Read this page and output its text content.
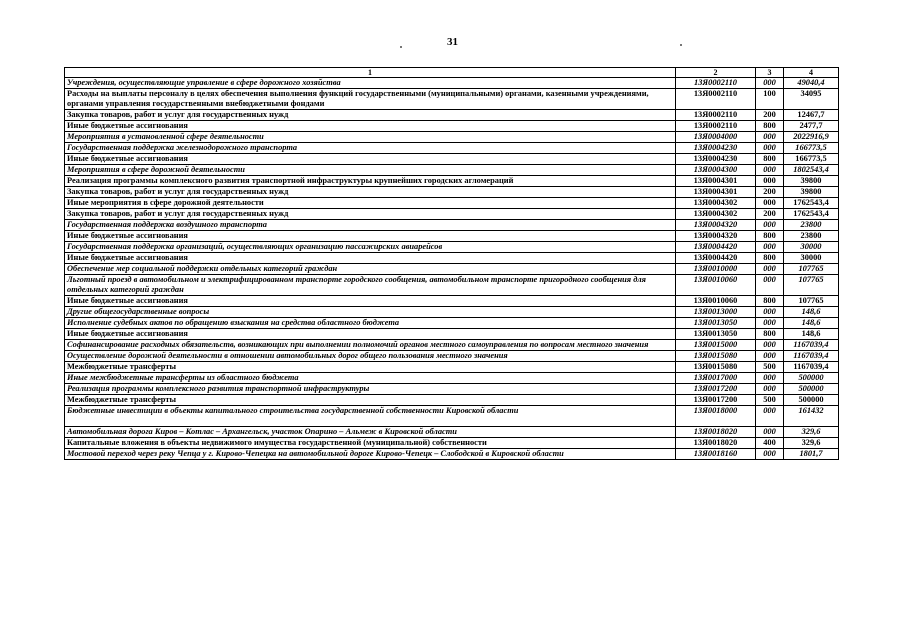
31
1	2	3	4
Учреждения, осуществляющие управление в сфере дорожного хозяйства	13Я0002110	000	49040,4
Расходы на выплаты персоналу в целях обеспечения выполнения функций государственными (муниципальными) органами, казенными учреждениями, органами управления государственными внебюджетными фондами	13Я0002110	100	34095
Закупка товаров, работ и услуг для государственных нужд	13Я0002110	200	12467,7
Иные бюджетные ассигнования	13Я0002110	800	2477,7
Мероприятия в установленной сфере деятельности	13Я0004000	000	2022916,9
Государственная поддержка железнодорожного транспорта	13Я0004230	000	166773,5
Иные бюджетные ассигнования	13Я0004230	800	166773,5
Мероприятия в сфере дорожной деятельности	13Я0004300	000	1802543,4
Реализация программы комплексного развития транспортной инфраструктуры крупнейших городских агломераций	13Я0004301	000	39800
Закупка товаров, работ и услуг для государственных нужд	13Я0004301	200	39800
Иные мероприятия в сфере дорожной деятельности	13Я0004302	000	1762543,4
Закупка товаров, работ и услуг для государственных нужд	13Я0004302	200	1762543,4
Государственная поддержка воздушного транспорта	13Я0004320	000	23800
Иные бюджетные ассигнования	13Я0004320	800	23800
Государственная поддержка организаций, осуществляющих организацию пассажирских авиарейсов	13Я0004420	000	30000
Иные бюджетные ассигнования	13Я0004420	800	30000
Обеспечение мер социальной поддержки отдельных категорий граждан	13Я0010000	000	107765
Льготный проезд в автомобильном и электрифицированном транспорте городского сообщения, автомобильном транспорте пригородного сообщения для отдельных категорий граждан	13Я0010060	000	107765
Иные бюджетные ассигнования	13Я0010060	800	107765
Другие общегосударственные вопросы	13Я0013000	000	148,6
Исполнение судебных актов по обращению взыскания на средства областного бюджета	13Я0013050	000	148,6
Иные бюджетные ассигнования	13Я0013050	800	148,6
Софинансирование расходных обязательств, возникающих при выполнении полномочий органов местного самоуправления по вопросам местного значения	13Я0015000	000	1167039,4
Осуществление дорожной деятельности в отношении автомобильных дорог общего пользования местного значения	13Я0015080	000	1167039,4
Межбюджетные трансферты	13Я0015080	500	1167039,4
Иные межбюджетные трансферты из областного бюджета	13Я0017000	000	500000
Реализация программы комплексного развития транспортной инфраструктуры	13Я0017200	000	500000
Межбюджетные трансферты	13Я0017200	500	500000
Бюджетные инвестиции в объекты капитального строительства государственной собственности Кировской области	13Я0018000	000	161432
Автомобильная дорога Киров – Котлас – Архангельск, участок Опарино – Альмеж в Кировской области	13Я0018020	000	329,6
Капитальные вложения в объекты недвижимого имущества государственной (муниципальной) собственности	13Я0018020	400	329,6
Мостовой переход через реку Чепца у г. Кирово-Чепецка на автомобильной дороге Кирово-Чепецк – Слободской в Кировской области	13Я0018160	000	1801,7
